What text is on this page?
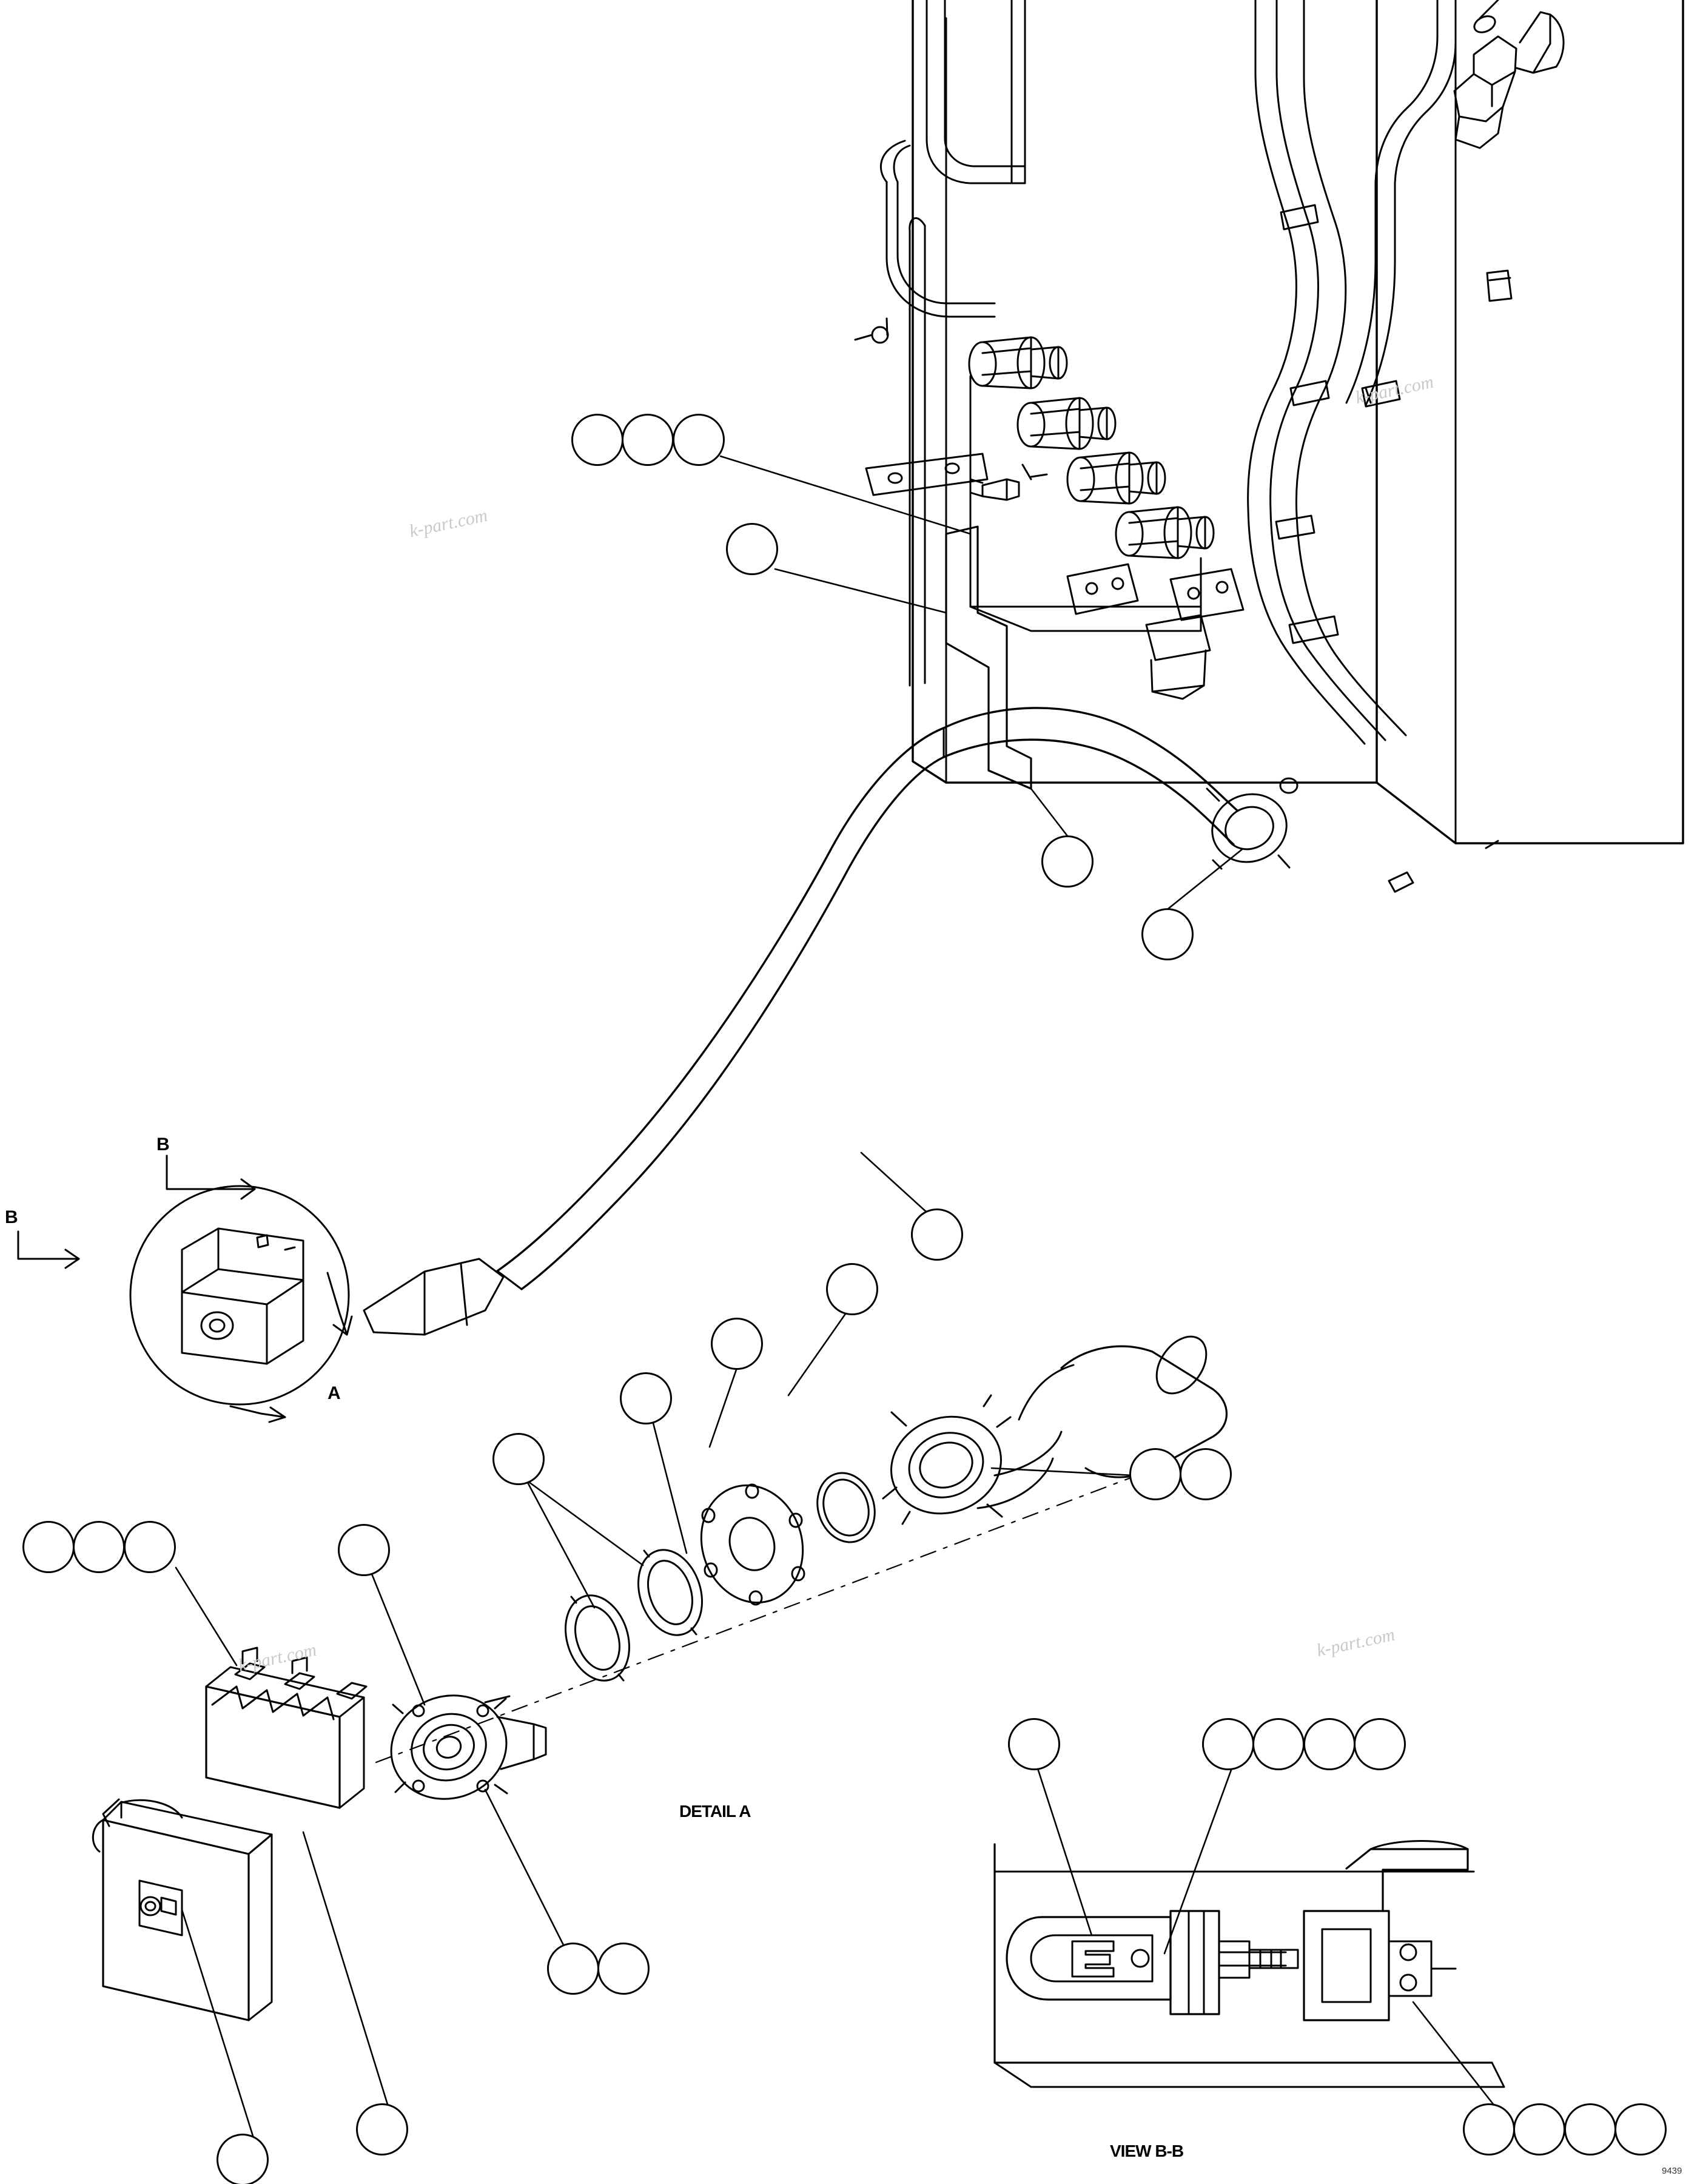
DETAIL A
VIEW B-B
B
B
A
k-part.com
k-part.com
k-part.com	k-part.com
9439
